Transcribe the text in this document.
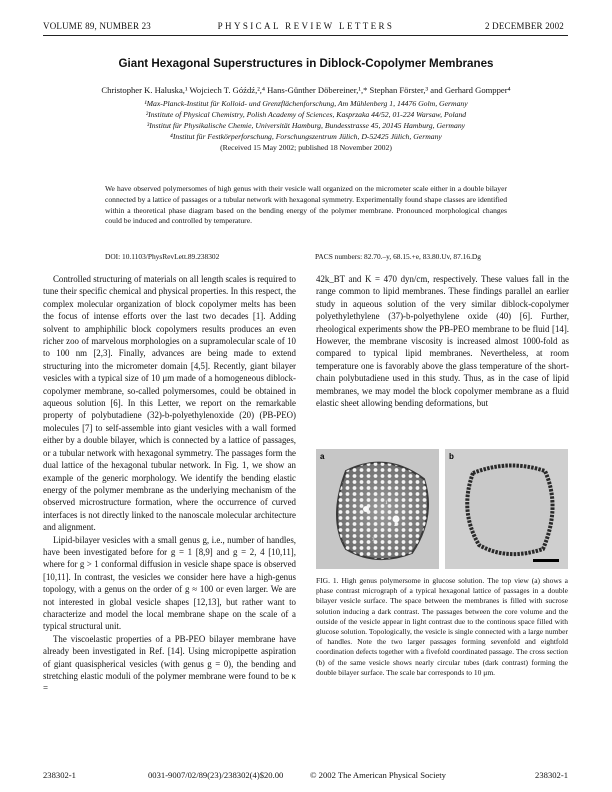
VOLUME 89, NUMBER 23	PHYSICAL REVIEW LETTERS	2 DECEMBER 2002
Giant Hexagonal Superstructures in Diblock-Copolymer Membranes
Christopher K. Haluska,¹ Wojciech T. Góźdź,²,⁴ Hans-Günther Döbereiner,¹,* Stephan Förster,³ and Gerhard Gompper⁴
¹Max-Planck-Institut für Kolloid- und Grenzflächenforschung, Am Mühlenberg 1, 14476 Golm, Germany
²Institute of Physical Chemistry, Polish Academy of Sciences, Kasprzaka 44/52, 01-224 Warsaw, Poland
³Institut für Physikalische Chemie, Universität Hamburg, Bundesstrasse 45, 20145 Hamburg, Germany
⁴Institut für Festkörperforschung, Forschungszentrum Jülich, D-52425 Jülich, Germany
(Received 15 May 2002; published 18 November 2002)
We have observed polymersomes of high genus with their vesicle wall organized on the micrometer scale either in a double bilayer connected by a lattice of passages or a tubular network with hexagonal symmetry. Experimentally found shape classes are identified within a theoretical phase diagram based on the bending energy of the polymer membrane. Pronounced morphological changes could be induced and controlled by temperature.
DOI: 10.1103/PhysRevLett.89.238302	PACS numbers: 82.70.–y, 68.15.+e, 83.80.Uv, 87.16.Dg

Controlled structuring of materials on all length scales is required to tune their specific chemical and physical properties. In this respect, the complex molecular organization of block copolymer melts has been the focus of intense efforts over the last two decades [1]. Adding solvent to amphiphilic block copolymers results produces an even richer zoo of marvelous morphologies on a supramolecular scale of 10 to 100 nm [2,3]. Finally, advances are being made to extend structuring into the micrometer domain [4,5]. Recently, giant bilayer vesicles with a typical size of 10 μm made of a homogeneous diblock-copolymer membrane, so-called polymersomes, could be obtained in aqueous solution [6]. In this Letter, we report on the remarkable property of polybutadiene (32)-b-polyethylenoxide (20) (PB-PEO) molecules [7] to self-assemble into giant vesicles with a wall formed either by a double bilayer, which is connected by a lattice of passages, or a tubular network with hexagonal symmetry. The passages form the dual lattice of the hexagonal tubular network. In Fig. 1, we show an example of the generic morphology. We identify the bending elastic energy of the polymer membrane as the underlying mechanism of the observed microstructure formation, where the occurrence of curved interfaces is not directly linked to the nanoscale molecular architecture and alignment.

Lipid-bilayer vesicles with a small genus g, i.e., number of handles, have been investigated before for g = 1 [8,9] and g = 2, 4 [10,11], where for g > 1 conformal diffusion in vesicle shape space is observed [10,11]. In contrast, the vesicles we consider here have a high-genus topology, with a genus on the order of g ≈ 100 or even larger. We are not interested in global vesicle shapes [12,13], but rather want to characterize and model the local membrane shape on the scale of a typical structural unit.

The viscoelastic properties of a PB-PEO bilayer membrane have already been investigated in Ref. [14]. Using micropipette aspiration of giant quasispherical vesicles (with genus g = 0), the bending and stretching elastic moduli of the polymer membrane were found to be κ =

42k_BT and K = 470 dyn/cm, respectively. These values fall in the range common to lipid membranes. These findings parallel an earlier study in aqueous solution of the very similar diblock-copolymer polyethylethylene (37)-b-polyethylene oxide (40) [6]. Further, rheological experiments show the PB-PEO membrane to be fluid [14]. However, the membrane viscosity is increased almost 1000-fold as compared to typical lipid membranes. Nevertheless, at room temperature one is favorably above the glass temperature of the short-chain polybutadiene used in this study. Thus, as in the case of lipid membranes, we may model the block copolymer membrane as a fluid elastic sheet allowing bending deformations, but

1
2
3
a	b
FIG. 1. High genus polymersome in glucose solution. The top view (a) shows a phase contrast micrograph of a typical hexagonal lattice of passages in a double bilayer vesicle surface. The space between the membranes is filled with sucrose solution inducing a dark contrast. The passages between the core volume and the outside of the vesicle appear in light contrast due to the continous space filled with glucose solution. Topologically, the vesicle is single connected with a large number of handles. Note the two larger passages forming sevenfold and eightfold coordination defects together with a fivefold coordinated passage. The cross section (b) of the same vesicle shows nearly circular tubes (dark contrast) forming the double bilayer surface. The scale bar corresponds to 10 μm.
238302-1	0031-9007/02/89(23)/238302(4)$20.00	© 2002 The American Physical Society	238302-1
